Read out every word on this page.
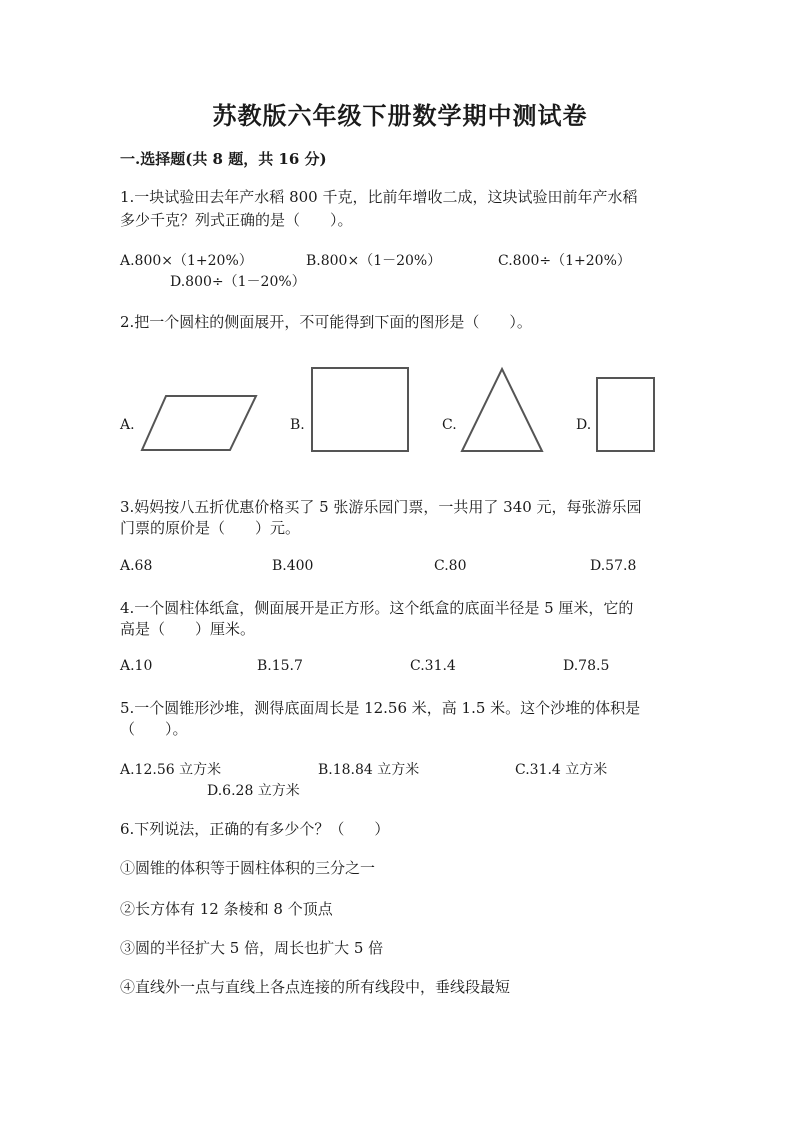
苏教版六年级下册数学期中测试卷
一.选择题(共 8 题，共 16 分)
1.一块试验田去年产水稻 800 千克，比前年增收二成，这块试验田前年产水稻
多少千克？列式正确的是（　　）。
A.800×（1+20%）	B.800×（1－20%）	C.800÷（1+20%）
D.800÷（1－20%）
2.把一个圆柱的侧面展开，不可能得到下面的图形是（　　）。
A.	B.	C.	D.
3.妈妈按八五折优惠价格买了 5 张游乐园门票，一共用了 340 元，每张游乐园
门票的原价是（　　）元。
A.68	B.400	C.80	D.57.8
4.一个圆柱体纸盒，侧面展开是正方形。这个纸盒的底面半径是 5 厘米，它的
高是（　　）厘米。
A.10	B.15.7	C.31.4	D.78.5
5.一个圆锥形沙堆，测得底面周长是 12.56 米，高 1.5 米。这个沙堆的体积是
（　　）。
A.12.56 立方米	B.18.84 立方米	C.31.4 立方米
D.6.28 立方米
6.下列说法，正确的有多少个？（　　）
①圆锥的体积等于圆柱体积的三分之一
②长方体有 12 条棱和 8 个顶点
③圆的半径扩大 5 倍，周长也扩大 5 倍
④直线外一点与直线上各点连接的所有线段中，垂线段最短
